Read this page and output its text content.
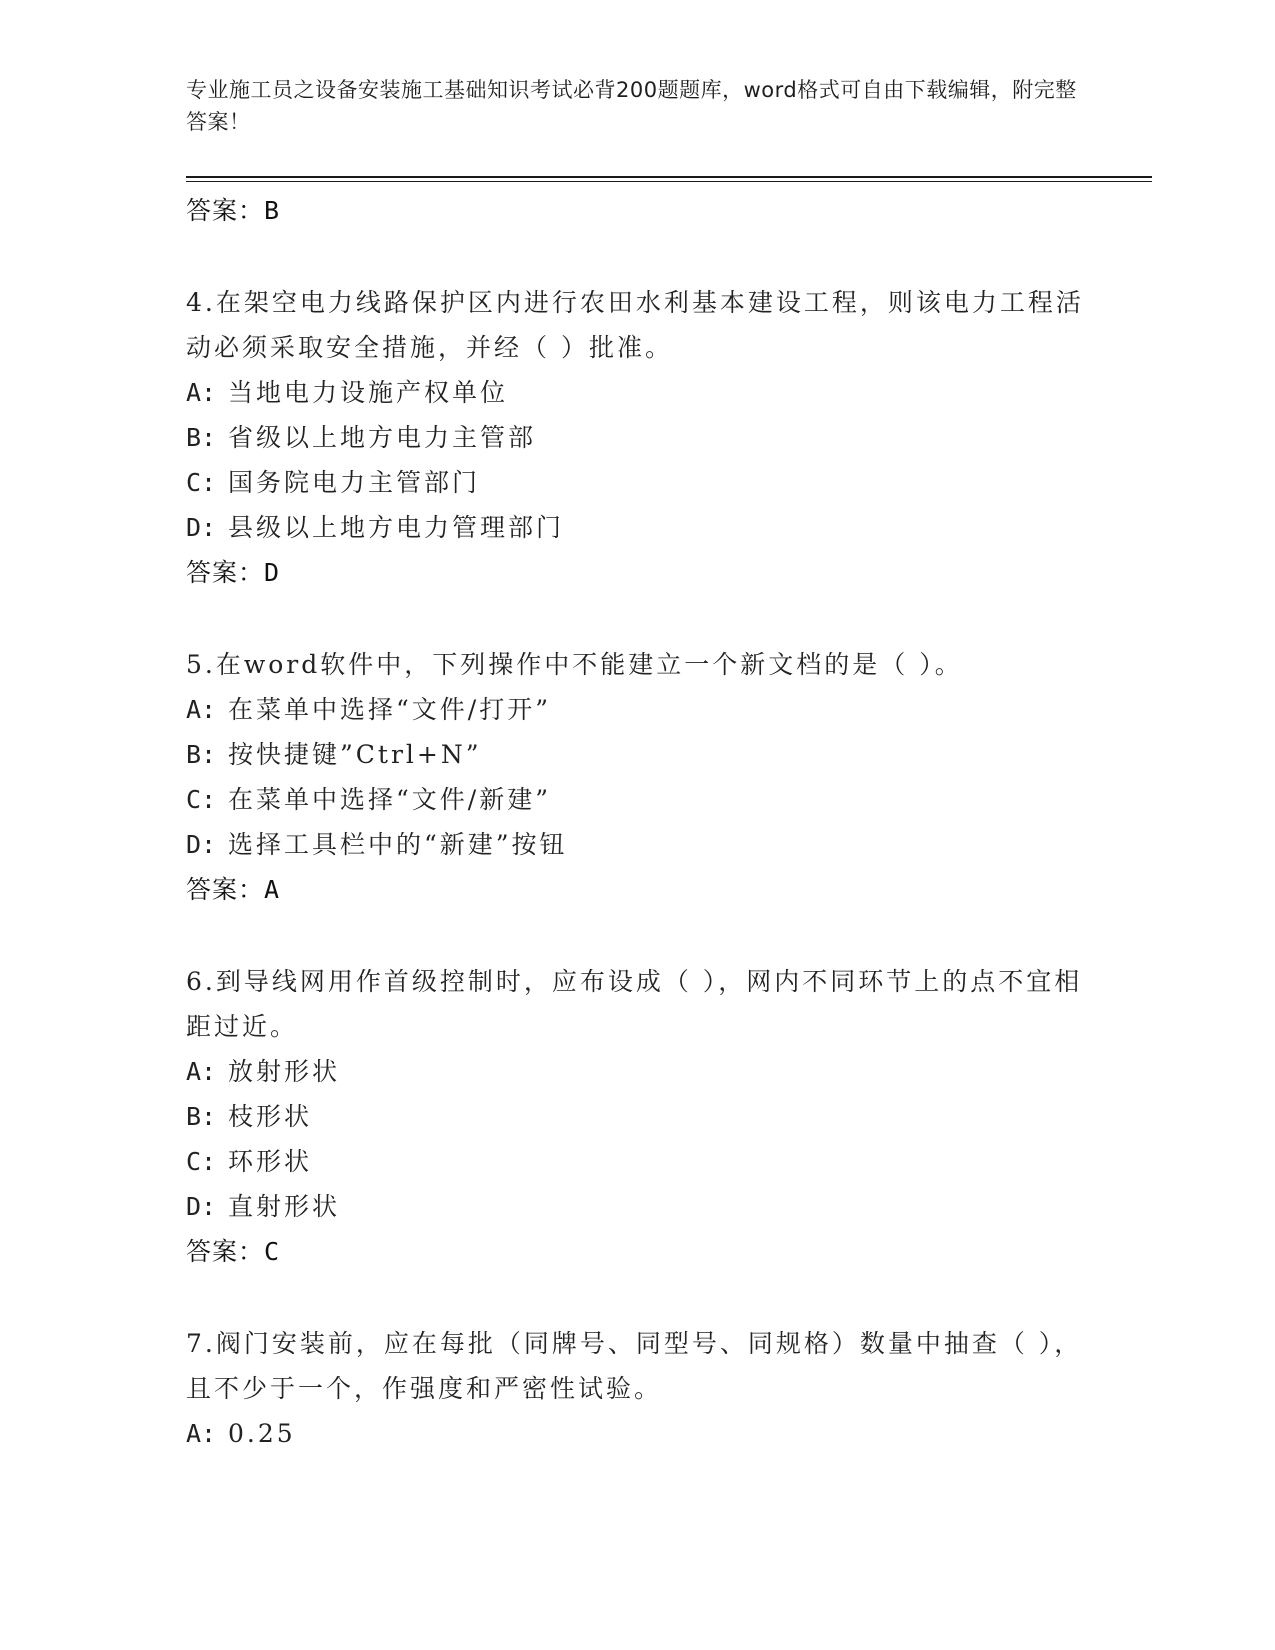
专业施工员之设备安装施工基础知识考试必背200题题库，word格式可自由下载编辑，附完整答案！
答案：B
4.在架空电力线路保护区内进行农田水利基本建设工程，则该电力工程活动必须采取安全措施，并经（ ）批准。
A: 当地电力设施产权单位
B: 省级以上地方电力主管部
C: 国务院电力主管部门
D: 县级以上地方电力管理部门
答案：D
5.在word软件中，下列操作中不能建立一个新文档的是（ ）。
A: 在菜单中选择“文件/打开”
B: 按快捷键”Ctrl+N”
C: 在菜单中选择“文件/新建”
D: 选择工具栏中的“新建”按钮
答案：A
6.到导线网用作首级控制时，应布设成（ ），网内不同环节上的点不宜相距过近。
A: 放射形状
B: 枝形状
C: 环形状
D: 直射形状
答案：C
7.阀门安装前，应在每批（同牌号、同型号、同规格）数量中抽查（ ），且不少于一个，作强度和严密性试验。
A: 0.25
